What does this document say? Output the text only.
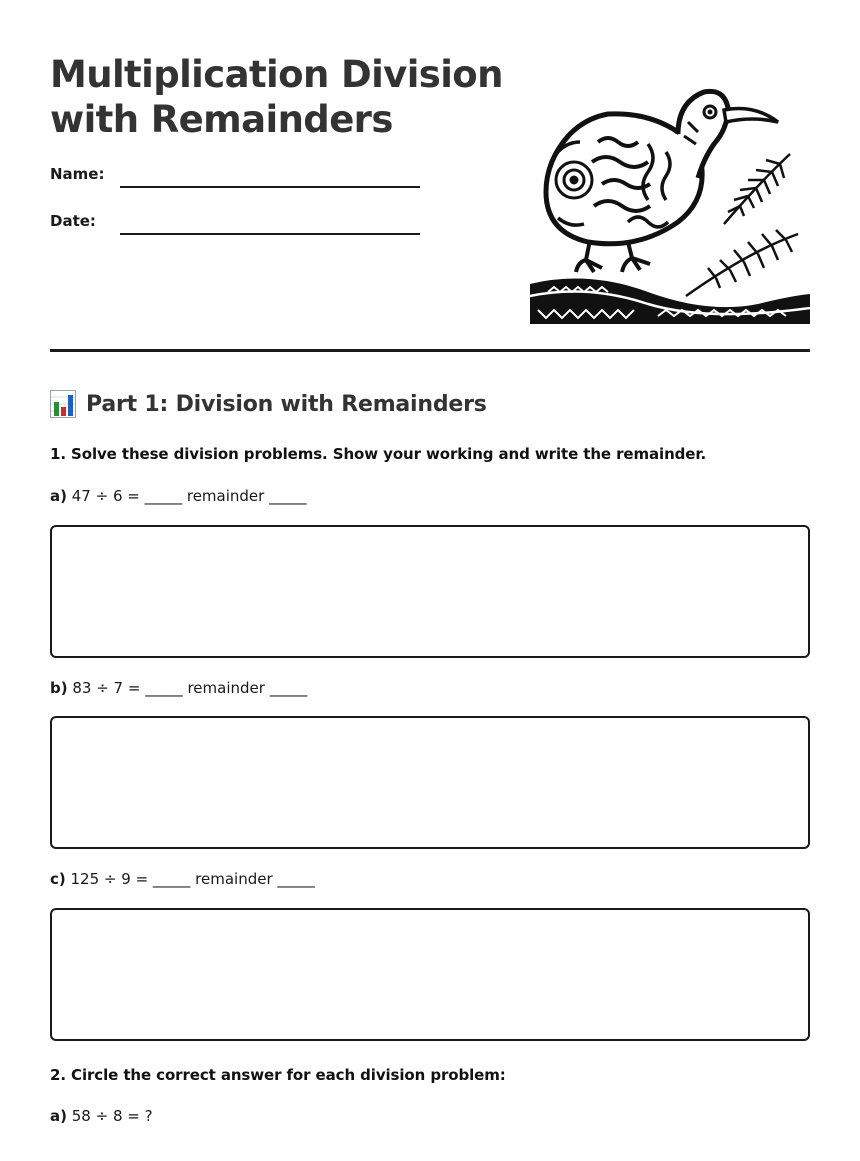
Multiplication Division
with Remainders
Name:
Date:
Part 1: Division with Remainders
1. Solve these division problems. Show your working and write the remainder.
a) 47 ÷ 6 = _____ remainder _____
b) 83 ÷ 7 = _____ remainder _____
c) 125 ÷ 9 = _____ remainder _____
2. Circle the correct answer for each division problem:
a) 58 ÷ 8 = ?
